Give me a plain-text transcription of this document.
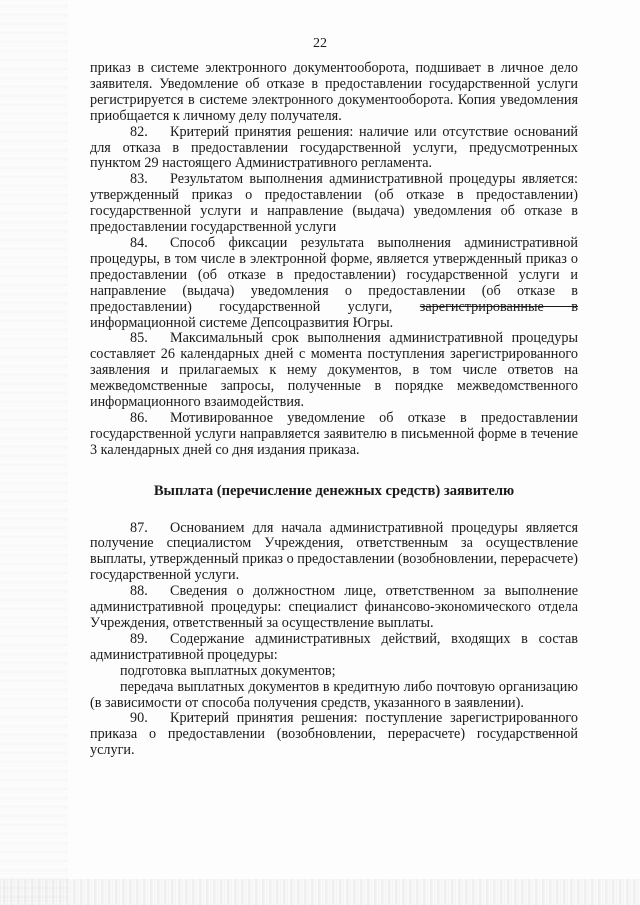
22

приказ в системе электронного документооборота, подшивает в личное дело заявителя. Уведомление об отказе в предоставлении государственной услуги регистрируется в системе электронного документооборота. Копия уведомления приобщается к личному делу получателя.

82. Критерий принятия решения: наличие или отсутствие оснований для отказа в предоставлении государственной услуги, предусмотренных пунктом 29 настоящего Административного регламента.

83. Результатом выполнения административной процедуры является: утвержденный приказ о предоставлении (об отказе в предоставлении) государственной услуги и направление (выдача) уведомления об отказе в предоставлении государственной услуги

84. Способ фиксации результата выполнения административной процедуры, в том числе в электронной форме, является утвержденный приказ о предоставлении (об отказе в предоставлении) государственной услуги и направление (выдача) уведомления о предоставлении (об отказе в предоставлении) государственной услуги, зарегистрированные в информационной системе Депсоцразвития Югры.

85. Максимальный срок выполнения административной процедуры составляет 26 календарных дней с момента поступления зарегистрированного заявления и прилагаемых к нему документов, в том числе ответов на межведомственные запросы, полученные в порядке межведомственного информационного взаимодействия.

86. Мотивированное уведомление об отказе в предоставлении государственной услуги направляется заявителю в письменной форме в течение 3 календарных дней со дня издания приказа.

Выплата (перечисление денежных средств) заявителю

87. Основанием для начала административной процедуры является получение специалистом Учреждения, ответственным за осуществление выплаты, утвержденный приказ о предоставлении (возобновлении, перерасчете) государственной услуги.

88. Сведения о должностном лице, ответственном за выполнение административной процедуры: специалист финансово-экономического отдела Учреждения, ответственный за осуществление выплаты.

89. Содержание административных действий, входящих в состав административной процедуры:

подготовка выплатных документов;

передача выплатных документов в кредитную либо почтовую организацию (в зависимости от способа получения средств, указанного в заявлении).

90. Критерий принятия решения: поступление зарегистрированного приказа о предоставлении (возобновлении, перерасчете) государственной услуги.
